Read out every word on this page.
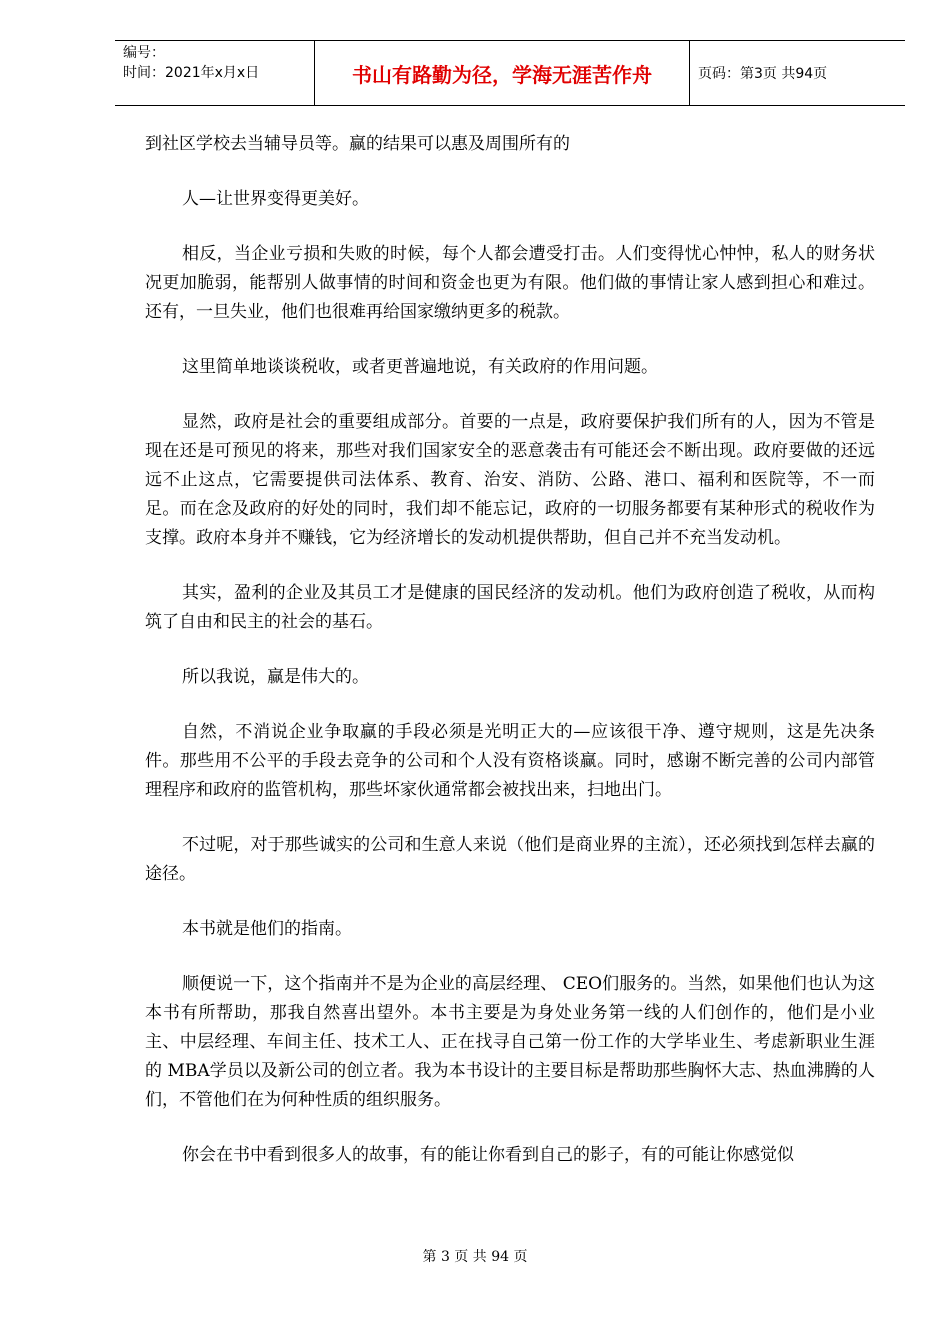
编号：
时间：2021年x月x日	书山有路勤为径，学海无涯苦作舟	页码：第3页 共94页

到社区学校去当辅导员等。赢的结果可以惠及周围所有的

人—让世界变得更美好。

相反，当企业亏损和失败的时候，每个人都会遭受打击。人们变得忧心忡忡，私人的财务状况更加脆弱，能帮别人做事情的时间和资金也更为有限。他们做的事情让家人感到担心和难过。还有，一旦失业，他们也很难再给国家缴纳更多的税款。

这里简单地谈谈税收，或者更普遍地说，有关政府的作用问题。

显然，政府是社会的重要组成部分。首要的一点是，政府要保护我们所有的人，因为不管是现在还是可预见的将来，那些对我们国家安全的恶意袭击有可能还会不断出现。政府要做的还远远不止这点，它需要提供司法体系、教育、治安、消防、公路、港口、福利和医院等，不一而足。而在念及政府的好处的同时，我们却不能忘记，政府的一切服务都要有某种形式的税收作为支撑。政府本身并不赚钱，它为经济增长的发动机提供帮助，但自己并不充当发动机。

其实，盈利的企业及其员工才是健康的国民经济的发动机。他们为政府创造了税收，从而构筑了自由和民主的社会的基石。

所以我说，赢是伟大的。

自然，不消说企业争取赢的手段必须是光明正大的—应该很干净、遵守规则，这是先决条件。那些用不公平的手段去竞争的公司和个人没有资格谈赢。同时，感谢不断完善的公司内部管理程序和政府的监管机构，那些坏家伙通常都会被找出来，扫地出门。

不过呢，对于那些诚实的公司和生意人来说（他们是商业界的主流），还必须找到怎样去赢的途径。

本书就是他们的指南。

顺便说一下，这个指南并不是为企业的高层经理、 CEO们服务的。当然，如果他们也认为这本书有所帮助，那我自然喜出望外。本书主要是为身处业务第一线的人们创作的，他们是小业主、中层经理、车间主任、技术工人、正在找寻自己第一份工作的大学毕业生、考虑新职业生涯的 MBA学员以及新公司的创立者。我为本书设计的主要目标是帮助那些胸怀大志、热血沸腾的人们，不管他们在为何种性质的组织服务。

你会在书中看到很多人的故事，有的能让你看到自己的影子，有的可能让你感觉似

第 3 页 共 94 页
